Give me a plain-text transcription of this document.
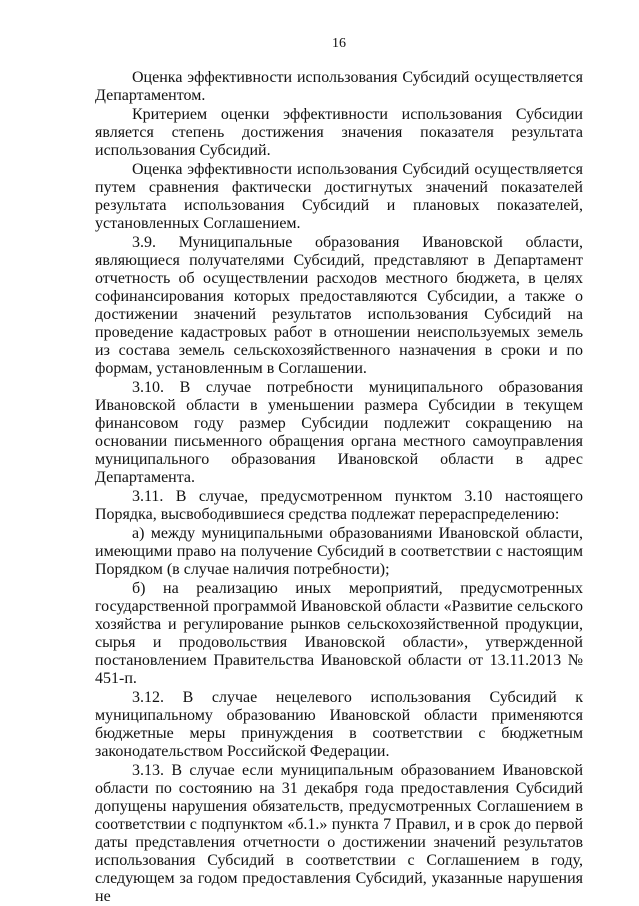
16

Оценка эффективности использования Субсидий осуществляется Департаментом.

Критерием оценки эффективности использования Субсидии является степень достижения значения показателя результата использования Субсидий.

Оценка эффективности использования Субсидий осуществляется путем сравнения фактически достигнутых значений показателей результата использования Субсидий и плановых показателей, установленных Соглашением.

3.9. Муниципальные образования Ивановской области, являющиеся получателями Субсидий, представляют в Департамент отчетность об осуществлении расходов местного бюджета, в целях софинансирования которых предоставляются Субсидии, а также о достижении значений результатов использования Субсидий на проведение кадастровых работ в отношении неиспользуемых земель из состава земель сельскохозяйственного назначения в сроки и по формам, установленным в Соглашении.

3.10. В случае потребности муниципального образования Ивановской области в уменьшении размера Субсидии в текущем финансовом году размер Субсидии подлежит сокращению на основании письменного обращения органа местного самоуправления муниципального образования Ивановской области в адрес Департамента.

3.11. В случае, предусмотренном пунктом 3.10 настоящего Порядка, высвободившиеся средства подлежат перераспределению:

а) между муниципальными образованиями Ивановской области, имеющими право на получение Субсидий в соответствии с настоящим Порядком (в случае наличия потребности);

б) на реализацию иных мероприятий, предусмотренных государственной программой Ивановской области «Развитие сельского хозяйства и регулирование рынков сельскохозяйственной продукции, сырья и продовольствия Ивановской области», утвержденной постановлением Правительства Ивановской области от 13.11.2013 № 451-п.

3.12. В случае нецелевого использования Субсидий к муниципальному образованию Ивановской области применяются бюджетные меры принуждения в соответствии с бюджетным законодательством Российской Федерации.

3.13. В случае если муниципальным образованием Ивановской области по состоянию на 31 декабря года предоставления Субсидий допущены нарушения обязательств, предусмотренных Соглашением в соответствии с подпунктом «б.1.» пункта 7 Правил, и в срок до первой даты представления отчетности о достижении значений результатов использования Субсидий в соответствии с Соглашением в году, следующем за годом предоставления Субсидий, указанные нарушения не
